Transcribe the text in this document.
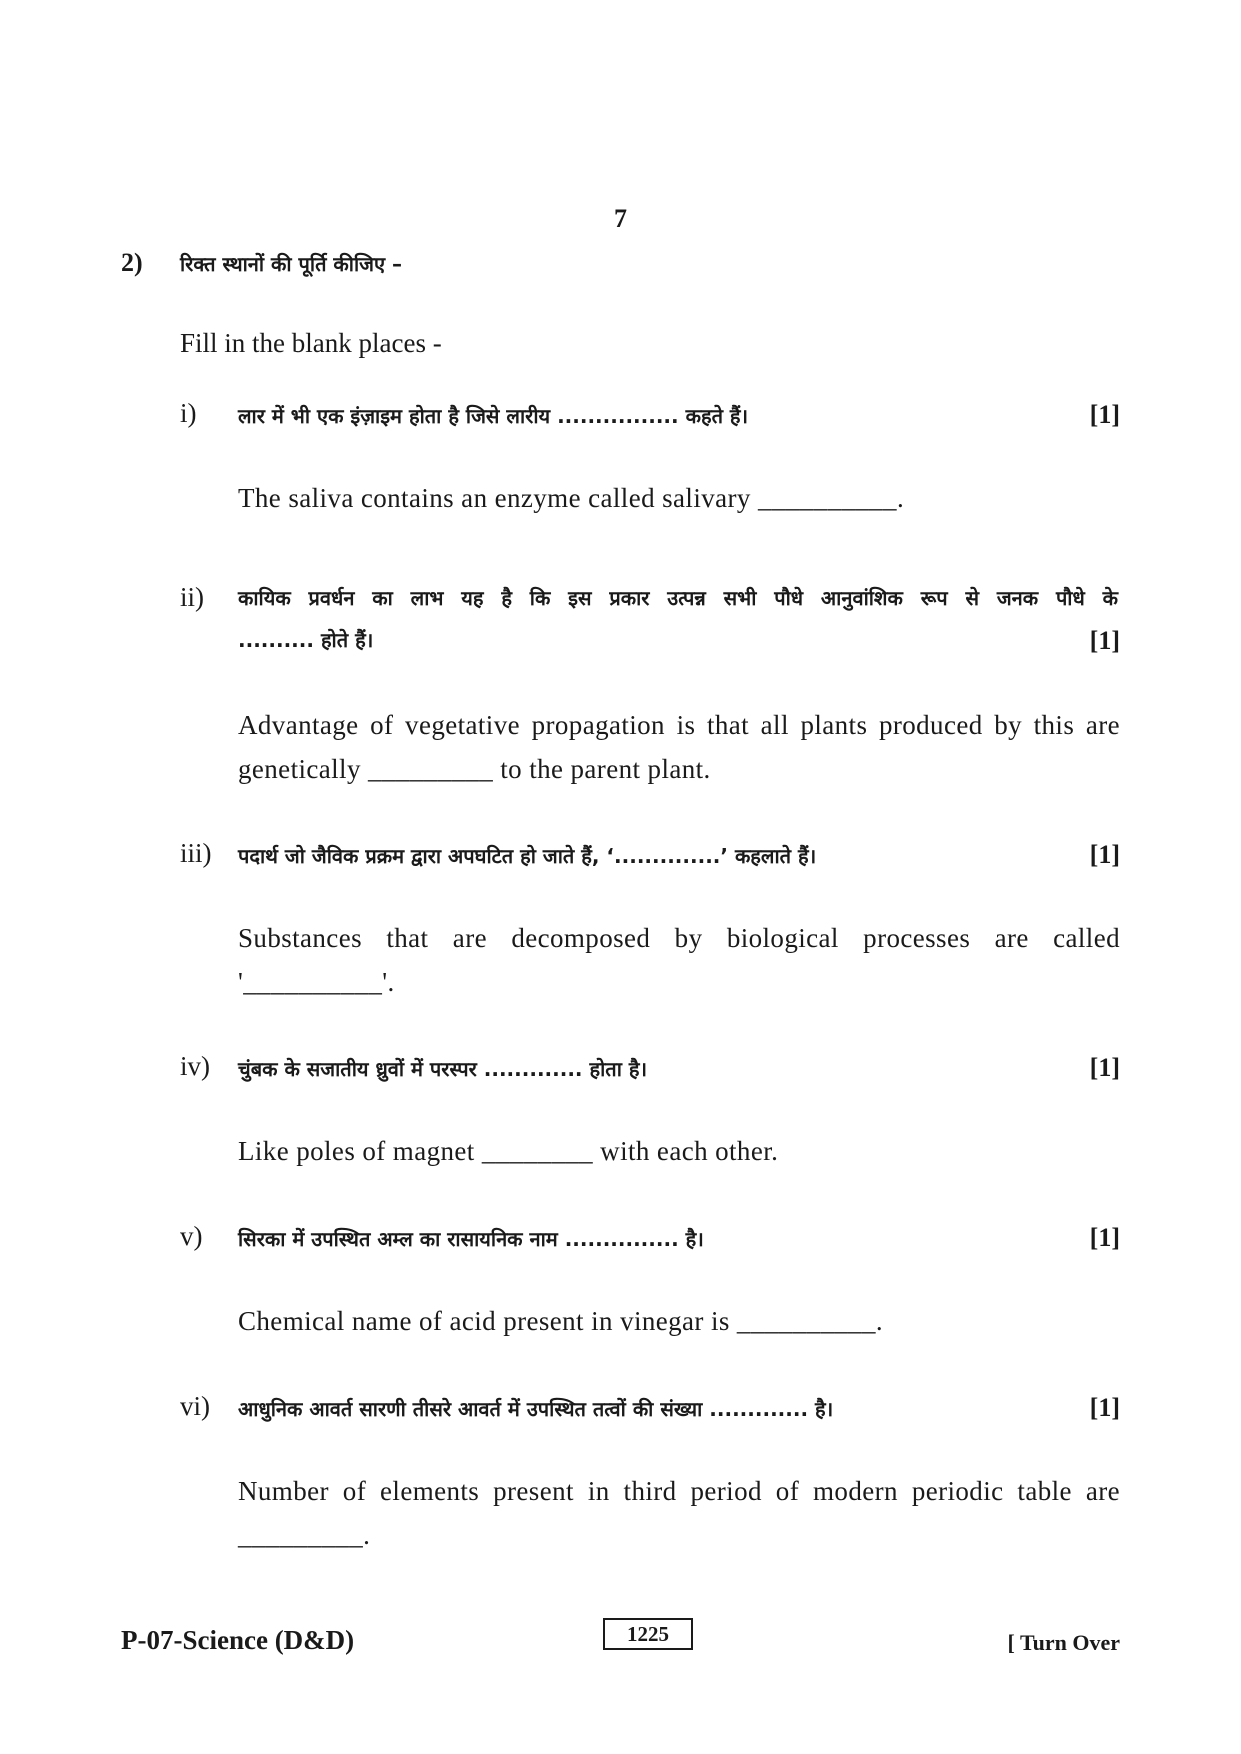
7
2) रिक्त स्थानों की पूर्ति कीजिए –
Fill in the blank places -
i) लार में भी एक इंज़ाइम होता है जिसे लारीय ................ कहते हैं।	[1]
The saliva contains an enzyme called salivary __________.
ii) कायिक प्रवर्धन का लाभ यह है कि इस प्रकार उत्पन्न सभी पौधे आनुवांशिक रूप से जनक पौधे के
.......... होते हैं।	[1]
Advantage of vegetative propagation is that all plants produced by this are genetically _________ to the parent plant.
iii) पदार्थ जो जैविक प्रक्रम द्वारा अपघटित हो जाते हैं, ‘..............’ कहलाते हैं।	[1]
Substances that are decomposed by biological processes are called '__________'.
iv) चुंबक के सजातीय ध्रुवों में परस्पर ............. होता है।	[1]
Like poles of magnet ________ with each other.
v) सिरका में उपस्थित अम्ल का रासायनिक नाम ............... है।	[1]
Chemical name of acid present in vinegar is __________.
vi) आधुनिक आवर्त सारणी तीसरे आवर्त में उपस्थित तत्वों की संख्या ............. है।	[1]
Number of elements present in third period of modern periodic table are _________.
P-07-Science (D&D)	1225	[ Turn Over
